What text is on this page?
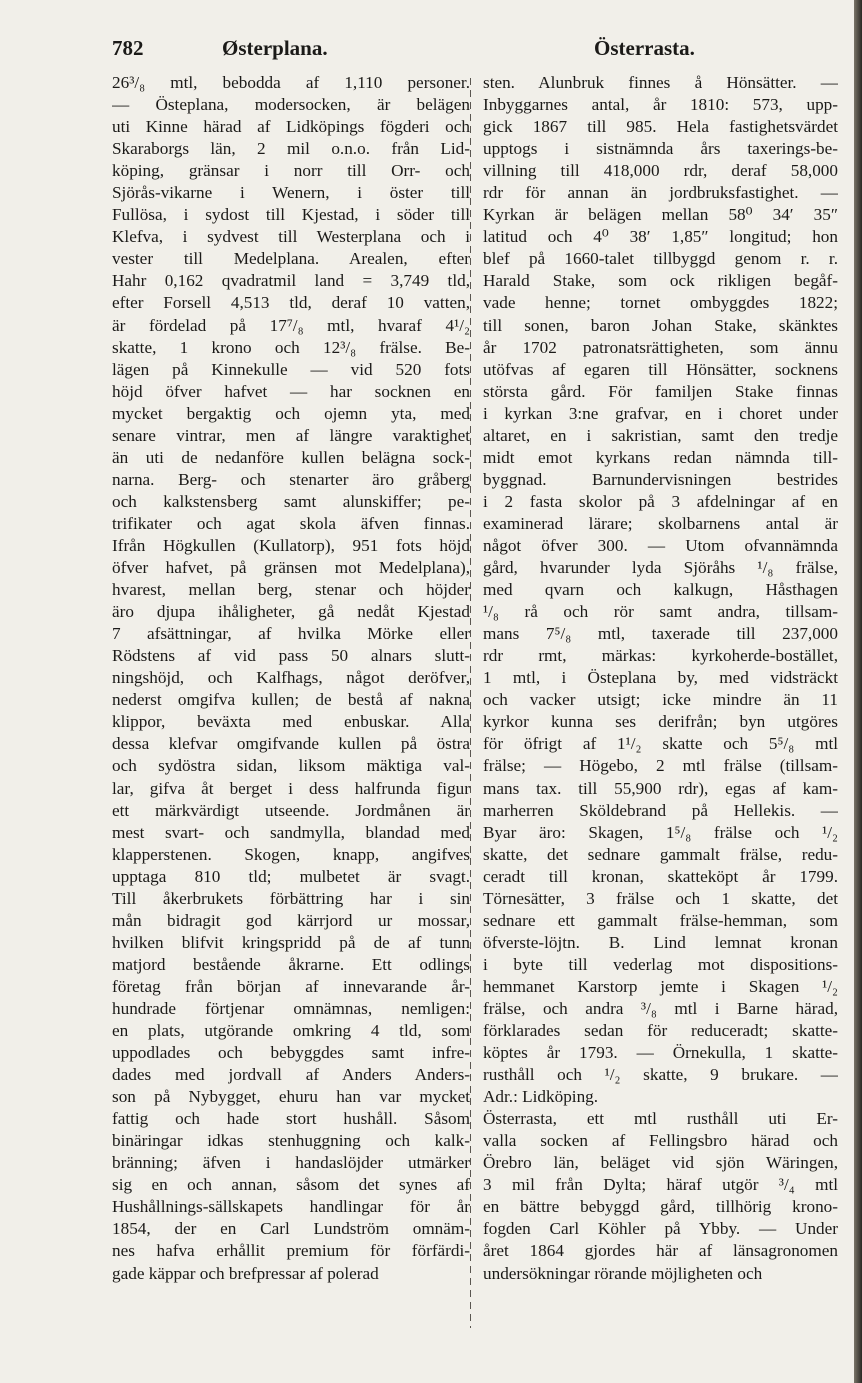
782	Østerplana.	Österrasta.
26³/₈ mtl, bebodda af 1,110 personer.
— Östeplana, modersocken, är belägen
uti Kinne härad af Lidköpings fögderi och
Skaraborgs län, 2 mil o.n.o. från Lid-
köping, gränsar i norr till Orr- och
Sjörås-vikarne i Wenern, i öster till
Fullösa, i sydost till Kjestad, i söder till
Klefva, i sydvest till Westerplana och i
vester till Medelplana. Arealen, efter
Hahr 0,162 qvadratmil land = 3,749 tld,
efter Forsell 4,513 tld, deraf 10 vatten,
är fördelad på 17⁷/₈ mtl, hvaraf 4¹/₂
skatte, 1 krono och 12³/₈ frälse. Be-
lägen på Kinnekulle — vid 520 fots
höjd öfver hafvet — har socknen en
mycket bergaktig och ojemn yta, med
senare vintrar, men af längre varaktighet
än uti de nedanföre kullen belägna sock-
narna. Berg- och stenarter äro gråberg
och kalkstensberg samt alunskiffer; pe-
trifikater och agat skola äfven finnas.
Ifrån Högkullen (Kullatorp), 951 fots höjd
öfver hafvet, på gränsen mot Medelplana),
hvarest, mellan berg, stenar och höjder
äro djupa ihåligheter, gå nedåt Kjestad
7 afsättningar, af hvilka Mörke eller
Rödstens af vid pass 50 alnars slutt-
ningshöjd, och Kalfhags, något deröfver,
nederst omgifva kullen; de bestå af nakna
klippor, beväxta med enbuskar. Alla
dessa klefvar omgifvande kullen på östra
och sydöstra sidan, liksom mäktiga val-
lar, gifva åt berget i dess halfrunda figur
ett märkvärdigt utseende. Jordmånen är
mest svart- och sandmylla, blandad med
klapperstenen. Skogen, knapp, angifves
upptaga 810 tld; mulbetet är svagt.
Till åkerbrukets förbättring har i sin
mån bidragit god kärrjord ur mossar,
hvilken blifvit kringspridd på de af tunn
matjord bestående åkrarne. Ett odlings
företag från början af innevarande år-
hundrade förtjenar omnämnas, nemligen:
en plats, utgörande omkring 4 tld, som
uppodlades och bebyggdes samt infre-
dades med jordvall af Anders Anders-
son på Nybygget, ehuru han var mycket
fattig och hade stort hushåll. Såsom
binäringar idkas stenhuggning och kalk-
bränning; äfven i handaslöjder utmärker
sig en och annan, såsom det synes af
Hushållnings-sällskapets handlingar för år
1854, der en Carl Lundström omnäm-
nes hafva erhållit premium för förfärdi-
gade käppar och brefpressar af polerad
sten. Alunbruk finnes å Hönsätter. —
Inbyggarnes antal, år 1810: 573, upp-
gick 1867 till 985. Hela fastighetsvärdet
upptogs i sistnämnda års taxerings-be-
villning till 418,000 rdr, deraf 58,000
rdr för annan än jordbruksfastighet. —
Kyrkan är belägen mellan 58⁰ 34′ 35″
latitud och 4⁰ 38′ 1,85″ longitud; hon
blef på 1660-talet tillbyggd genom r. r.
Harald Stake, som ock rikligen begåf-
vade henne; tornet ombyggdes 1822;
till sonen, baron Johan Stake, skänktes
år 1702 patronatsrättigheten, som ännu
utöfvas af egaren till Hönsätter, socknens
största gård. För familjen Stake finnas
i kyrkan 3:ne grafvar, en i choret under
altaret, en i sakristian, samt den tredje
midt emot kyrkans redan nämnda till-
byggnad. Barnundervisningen bestrides
i 2 fasta skolor på 3 afdelningar af en
examinerad lärare; skolbarnens antal är
något öfver 300. — Utom ofvannämnda
gård, hvarunder lyda Sjöråhs ¹/₈ frälse,
med qvarn och kalkugn, Håsthagen
¹/₈ rå och rör samt andra, tillsam-
mans 7⁵/₈ mtl, taxerade till 237,000
rdr rmt, märkas: kyrkoherde-bostället,
1 mtl, i Östeplana by, med vidsträckt
och vacker utsigt; icke mindre än 11
kyrkor kunna ses derifrån; byn utgöres
för öfrigt af 1¹/₂ skatte och 5⁵/₈ mtl
frälse; — Högebo, 2 mtl frälse (tillsam-
mans tax. till 55,900 rdr), egas af kam-
marherren Sköldebrand på Hellekis. —
Byar äro: Skagen, 1⁵/₈ frälse och ¹/₂
skatte, det sednare gammalt frälse, redu-
ceradt till kronan, skatteköpt år 1799.
Törnesätter, 3 frälse och 1 skatte, det
sednare ett gammalt frälse-hemman, som
öfverste-löjtn. B. Lind lemnat kronan
i byte till vederlag mot dispositions-
hemmanet Karstorp jemte i Skagen ¹/₂
frälse, och andra ³/₈ mtl i Barne härad,
förklarades sedan för reduceradt; skatte-
köptes år 1793. — Örnekulla, 1 skatte-
rusthåll och ¹/₂ skatte, 9 brukare. —
Adr.: Lidköping.
Österrasta, ett mtl rusthåll uti Er-
valla socken af Fellingsbro härad och
Örebro län, beläget vid sjön Wäringen,
3 mil från Dylta; häraf utgör ³/₄ mtl
en bättre bebyggd gård, tillhörig krono-
fogden Carl Köhler på Ybby. — Under
året 1864 gjordes här af länsagronomen
undersökningar rörande möjligheten och
